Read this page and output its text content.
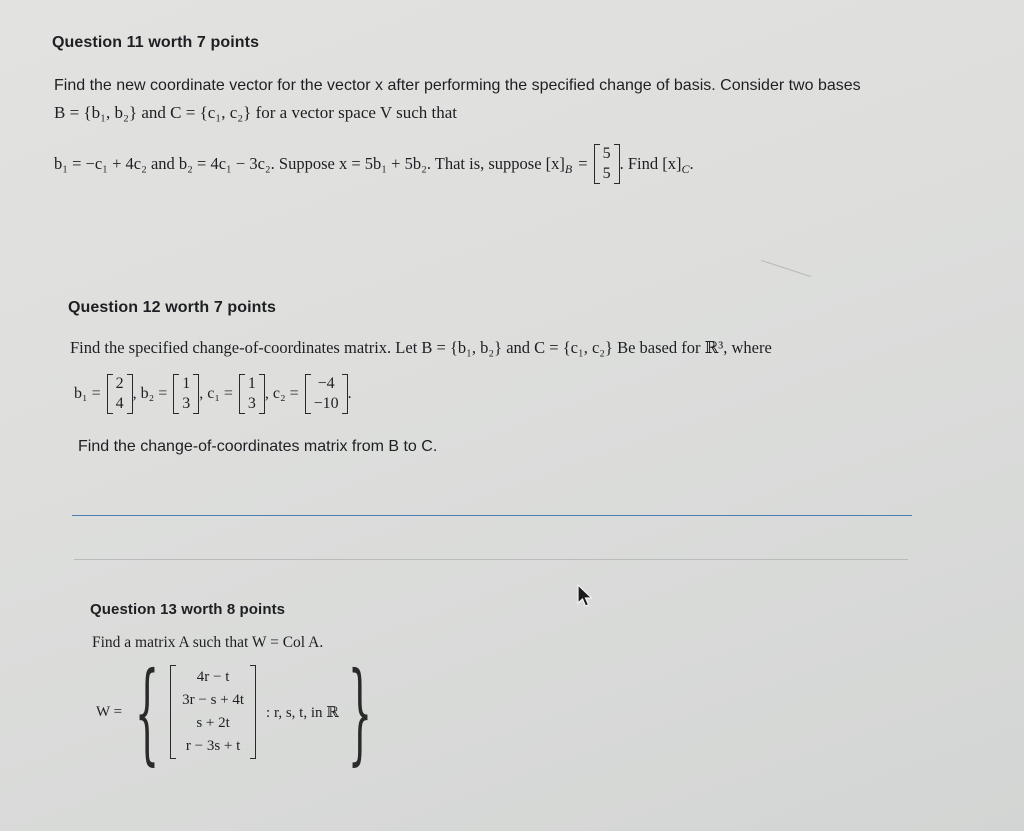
Question 11 worth 7 points
Find the new coordinate vector for the vector x after performing the specified change of basis. Consider two bases
B = {b₁, b₂} and C = {c₁, c₂} for a vector space V such that
b₁ = −c₁ + 4c₂ and b₂ = 4c₁ − 3c₂. Suppose x = 5b₁ + 5b₂. That is, suppose $[x]_B$ =
5
5
. Find $[x]_C$ .
Question 12 worth 7 points
Find the specified change-of-coordinates matrix. Let B = {b₁, b₂} and C = {c₁, c₂} Be based for ℝ³, where
b₁ =
2
4
, b₂ =
1
3
, c₁ =
1
3
, c₂ =
−4
−10
.
Find the change-of-coordinates matrix from B to C.
Question 13 worth 8 points
Find a matrix A such that W = Col A.
W = { 4r − t
3r − s + 4t
s + 2t
r − 3s + t
: r, s, t, in ℝ }
